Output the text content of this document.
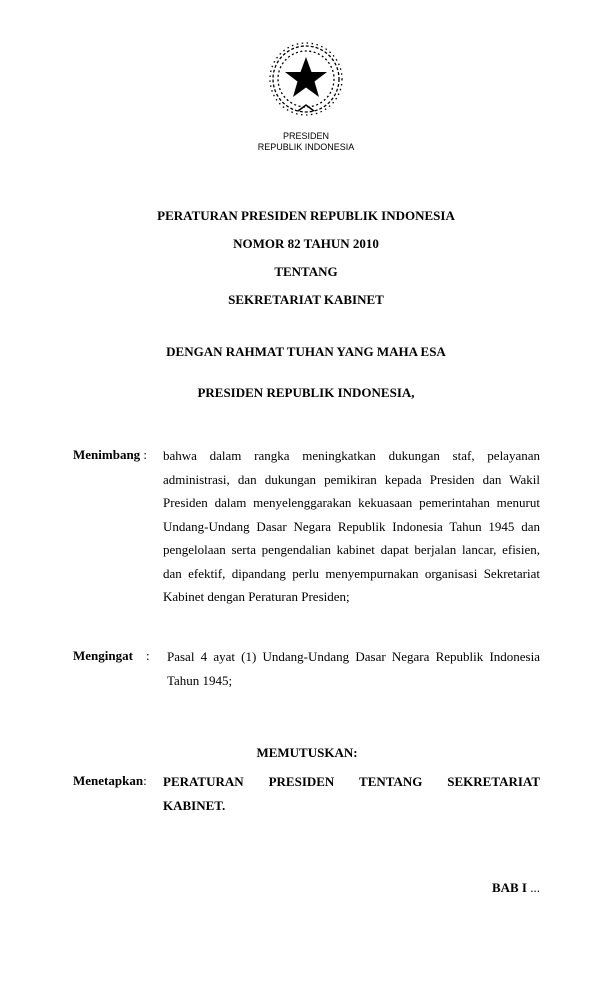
PRESIDEN
REPUBLIK INDONESIA
PERATURAN PRESIDEN REPUBLIK INDONESIA
NOMOR 82 TAHUN 2010
TENTANG
SEKRETARIAT KABINET
DENGAN RAHMAT TUHAN YANG MAHA ESA
PRESIDEN REPUBLIK INDONESIA,
Menimbang : bahwa dalam rangka meningkatkan dukungan staf, pelayanan
administrasi, dan dukungan pemikiran kepada Presiden dan Wakil
Presiden dalam menyelenggarakan kekuasaan pemerintahan menurut
Undang-Undang Dasar Negara Republik Indonesia Tahun 1945 dan
pengelolaan serta pengendalian kabinet dapat berjalan lancar, efisien,
dan efektif, dipandang perlu menyempurnakan organisasi Sekretariat
Kabinet dengan Peraturan Presiden;
Mengingat : Pasal 4 ayat (1) Undang-Undang Dasar Negara Republik Indonesia
Tahun 1945;
MEMUTUSKAN:
Menetapkan: PERATURAN PRESIDEN TENTANG SEKRETARIAT
KABINET.
BAB I ...
